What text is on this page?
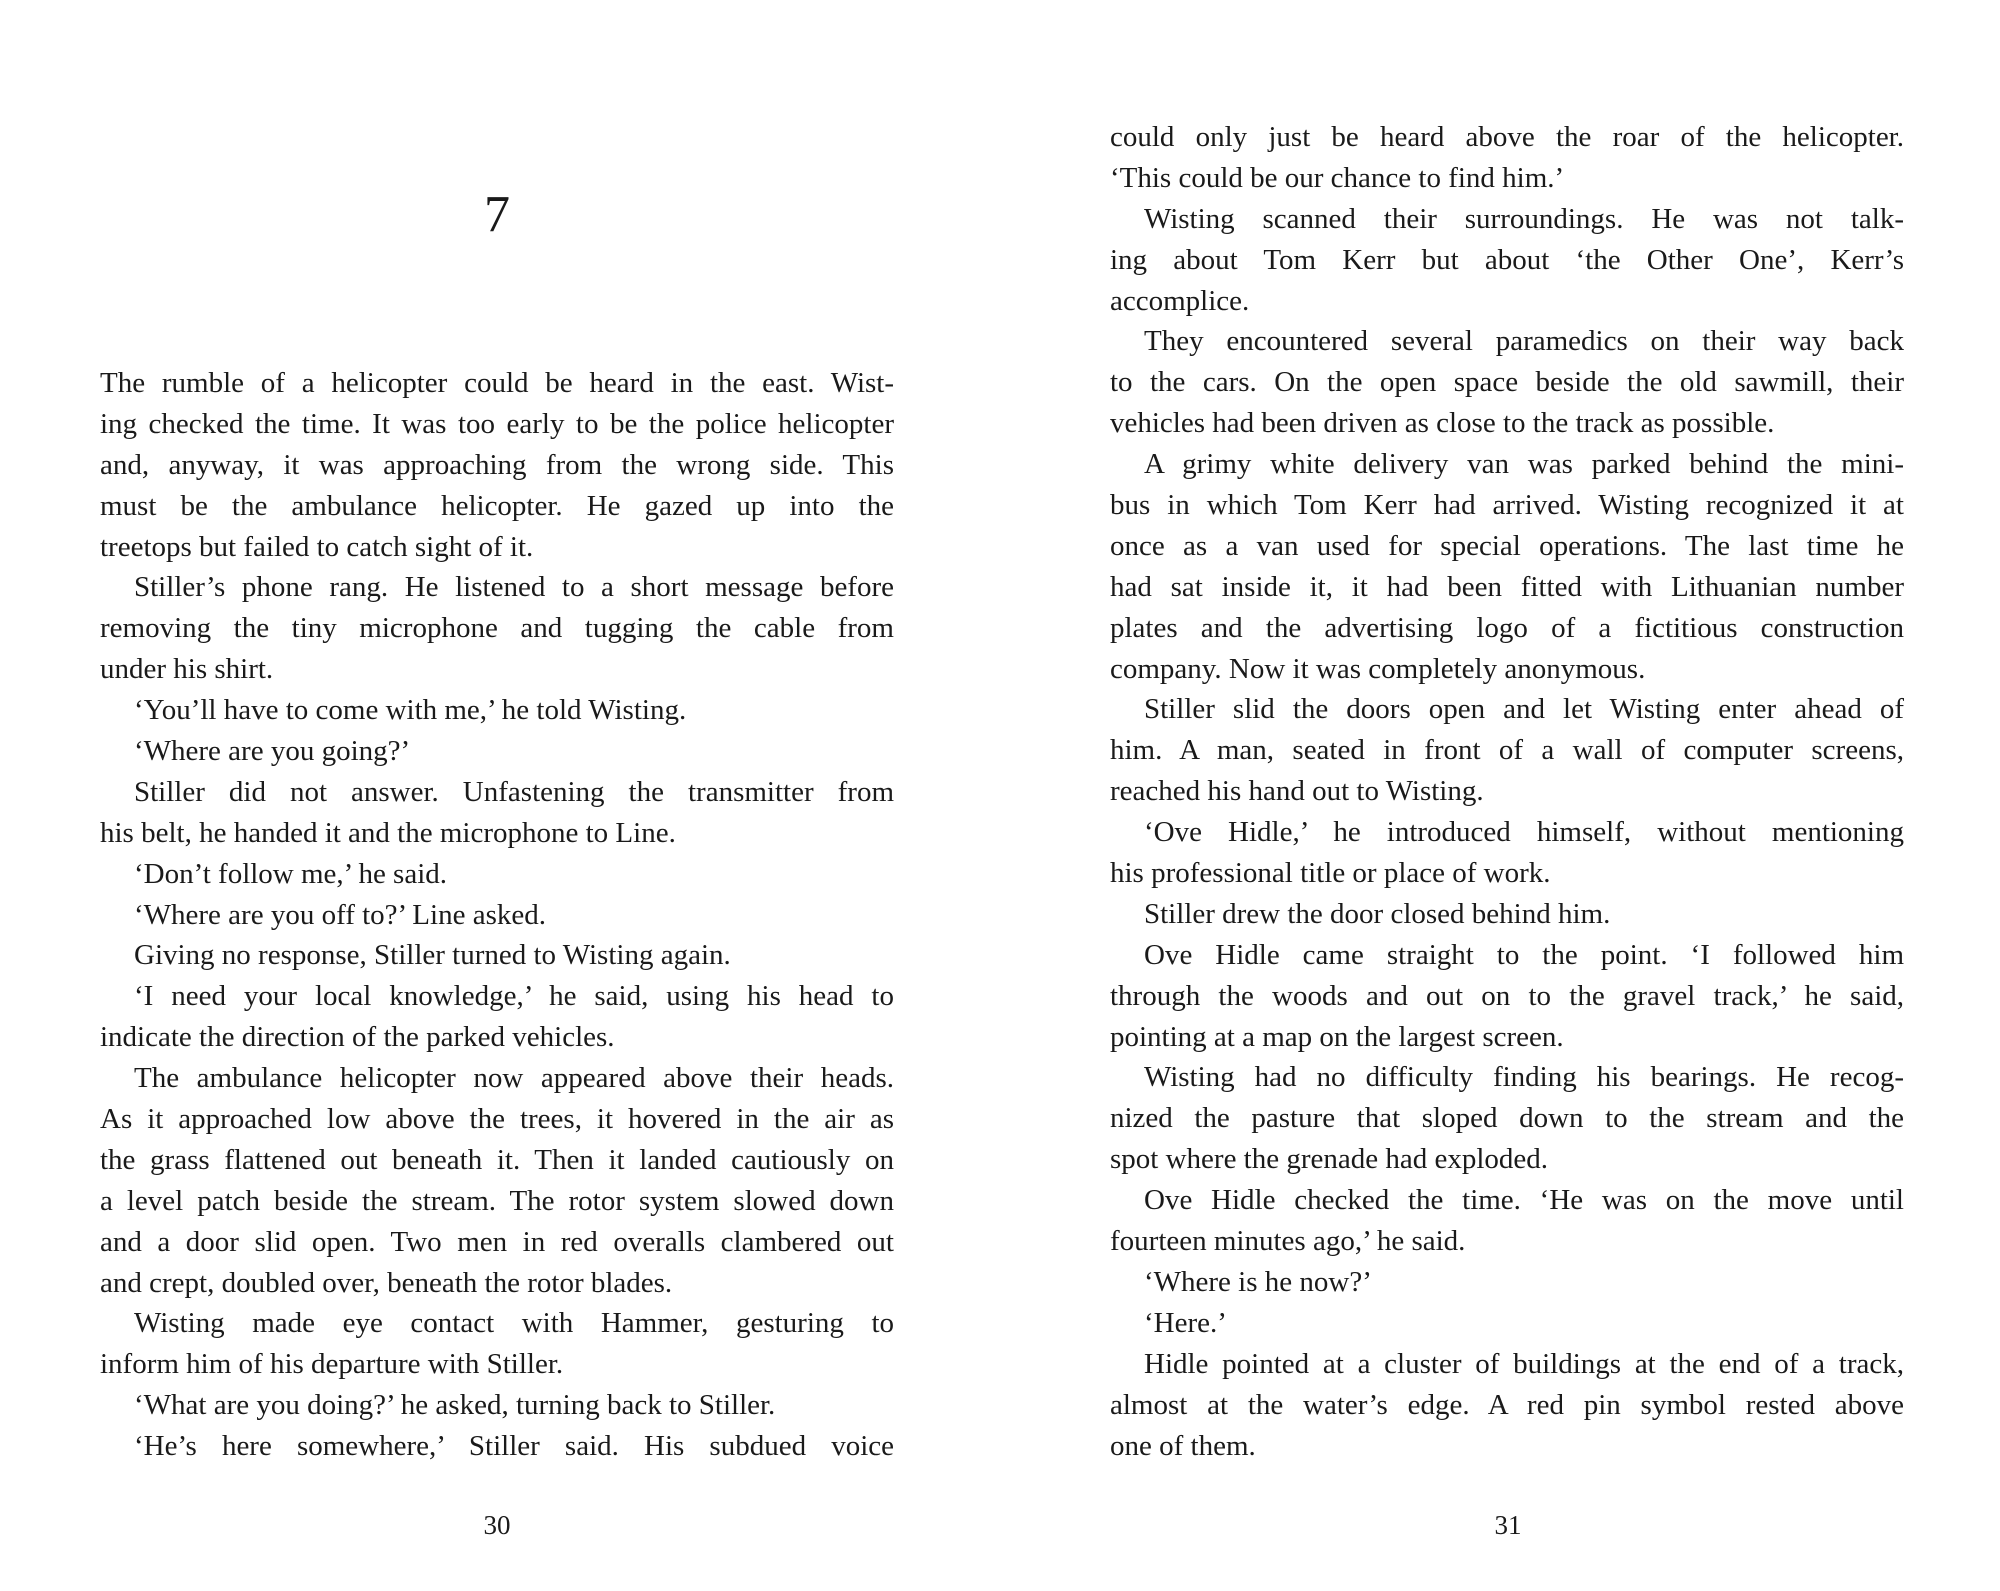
7
The rumble of a helicopter could be heard in the east. Wist-
ing checked the time. It was too early to be the police helicopter
and, anyway, it was approaching from the wrong side. This
must be the ambulance helicopter. He gazed up into the
treetops but failed to catch sight of it.
Stiller’s phone rang. He listened to a short message before
removing the tiny microphone and tugging the cable from
under his shirt.
‘You’ll have to come with me,’ he told Wisting.
‘Where are you going?’
Stiller did not answer. Unfastening the transmitter from
his belt, he handed it and the microphone to Line.
‘Don’t follow me,’ he said.
‘Where are you off to?’ Line asked.
Giving no response, Stiller turned to Wisting again.
‘I need your local knowledge,’ he said, using his head to
indicate the direction of the parked vehicles.
The ambulance helicopter now appeared above their heads.
As it approached low above the trees, it hovered in the air as
the grass flattened out beneath it. Then it landed cautiously on
a level patch beside the stream. The rotor system slowed down
and a door slid open. Two men in red overalls clambered out
and crept, doubled over, beneath the rotor blades.
Wisting made eye contact with Hammer, gesturing to
inform him of his departure with Stiller.
‘What are you doing?’ he asked, turning back to Stiller.
‘He’s here somewhere,’ Stiller said. His subdued voice
30
could only just be heard above the roar of the helicopter.
‘This could be our chance to find him.’
Wisting scanned their surroundings. He was not talk-
ing about Tom Kerr but about ‘the Other One’, Kerr’s
accomplice.
They encountered several paramedics on their way back
to the cars. On the open space beside the old sawmill, their
vehicles had been driven as close to the track as possible.
A grimy white delivery van was parked behind the mini-
bus in which Tom Kerr had arrived. Wisting recognized it at
once as a van used for special operations. The last time he
had sat inside it, it had been fitted with Lithuanian number
plates and the advertising logo of a fictitious construction
company. Now it was completely anonymous.
Stiller slid the doors open and let Wisting enter ahead of
him. A man, seated in front of a wall of computer screens,
reached his hand out to Wisting.
‘Ove Hidle,’ he introduced himself, without mentioning
his professional title or place of work.
Stiller drew the door closed behind him.
Ove Hidle came straight to the point. ‘I followed him
through the woods and out on to the gravel track,’ he said,
pointing at a map on the largest screen.
Wisting had no difficulty finding his bearings. He recog-
nized the pasture that sloped down to the stream and the
spot where the grenade had exploded.
Ove Hidle checked the time. ‘He was on the move until
fourteen minutes ago,’ he said.
‘Where is he now?’
‘Here.’
Hidle pointed at a cluster of buildings at the end of a track,
almost at the water’s edge. A red pin symbol rested above
one of them.
31
